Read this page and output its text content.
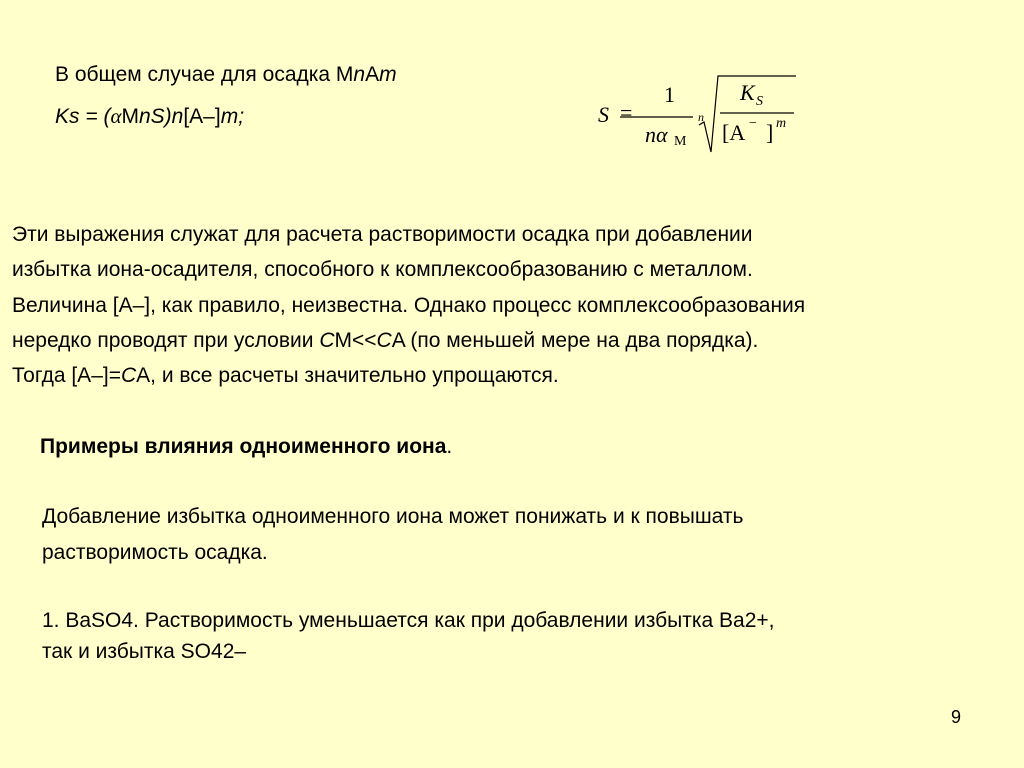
В общем случае для осадка MnAm
Ks = (αMnS)n[A–]m;	S =
1
n α M
n
K S
[A − ] m
Эти выражения служат для расчета растворимости осадка при добавлении
избытка иона-осадителя, способного к комплексообразованию с металлом.
Величина [A–], как правило, неизвестна. Однако процесс комплексообразования
нередко проводят при условии CM<<CA (по меньшей мере на два порядка).
Тогда [A–]=CA, и все расчеты значительно упрощаются.
Примеры влияния одноименного иона.
Добавление избытка одноименного иона может понижать и к повышать
растворимость осадка.
1. BaSO4. Растворимость уменьшается как при добавлении избытка Ba2+,
так и избытка SO42–
9
